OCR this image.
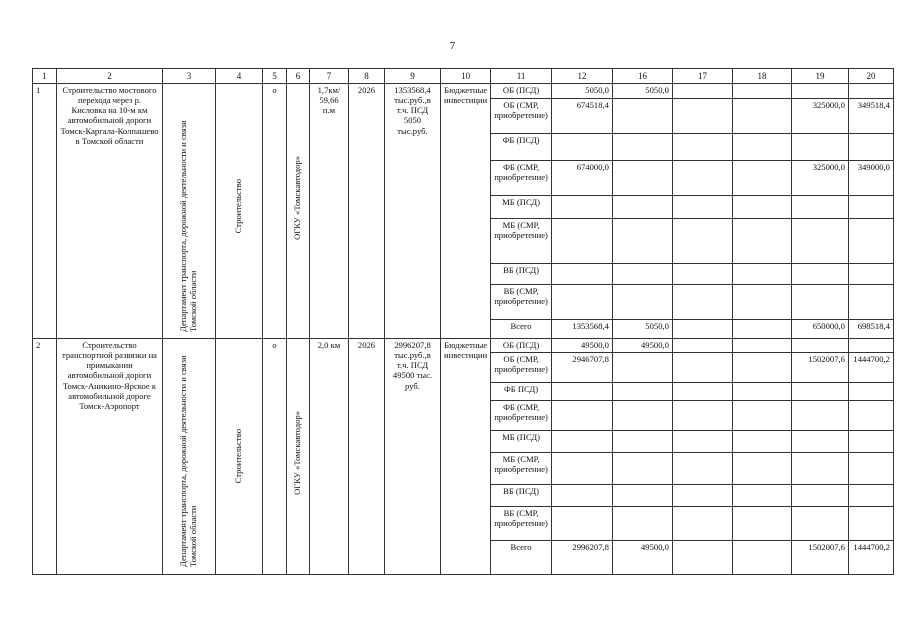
7
1	2	3	4	5	6	7	8	9	10	11	12	16	17	18	19	20
1	Строительство мостового перехода через р. Кисловка на 10-м км автомобильной дороги Томск-Каргала-Колпашево в Томской области	Департамент транспорта, дорожной деятельности и связи Томской области	Строительство	о	ОГКУ «Томскавтодор»	1,7км/ 59,66 п.м	2026	1353568,4 тыс.руб.,в т.ч. ПСД 5050 тыс.руб.	Бюджетные инвестиции	ОБ (ПСД)	5050,0	5050,0				
										ОБ (СМР, приобретение)	674518,4				325000,0	349518,4
										ФБ (ПСД)						
										ФБ (СМР, приобретение)	674000,0				325000,0	349000,0
										МБ (ПСД)						
										МБ (СМР, приобретение)						
										ВБ (ПСД)						
										ВБ (СМР, приобретение)						
										Всего	1353568,4	5050,0			650000,0	698518,4
2	Строительство транспортной развязки на примыкании автомобильной дороги Томск-Аникино-Ярское к автомобильной дороге Томск-Аэропорт	Департамент транспорта, дорожной деятельности и связи Томской области	Строительство	о	ОГКУ «Томскавтодор»	2,0 км	2026	2996207,8 тыс.руб.,в т.ч. ПСД 49500 тыс. руб.	Бюджетные инвестиции	ОБ (ПСД)	49500,0	49500,0				
										ОБ (СМР, приобретение)	2946707,8				1502007,6	1444700,2
										ФБ ПСД)						
										ФБ (СМР, приобретение)						
										МБ (ПСД)						
										МБ (СМР, приобретение)						
										ВБ (ПСД)						
										ВБ (СМР, приобретение)						
										Всего	2996207,8	49500,0			1502007,6	1444700,2
